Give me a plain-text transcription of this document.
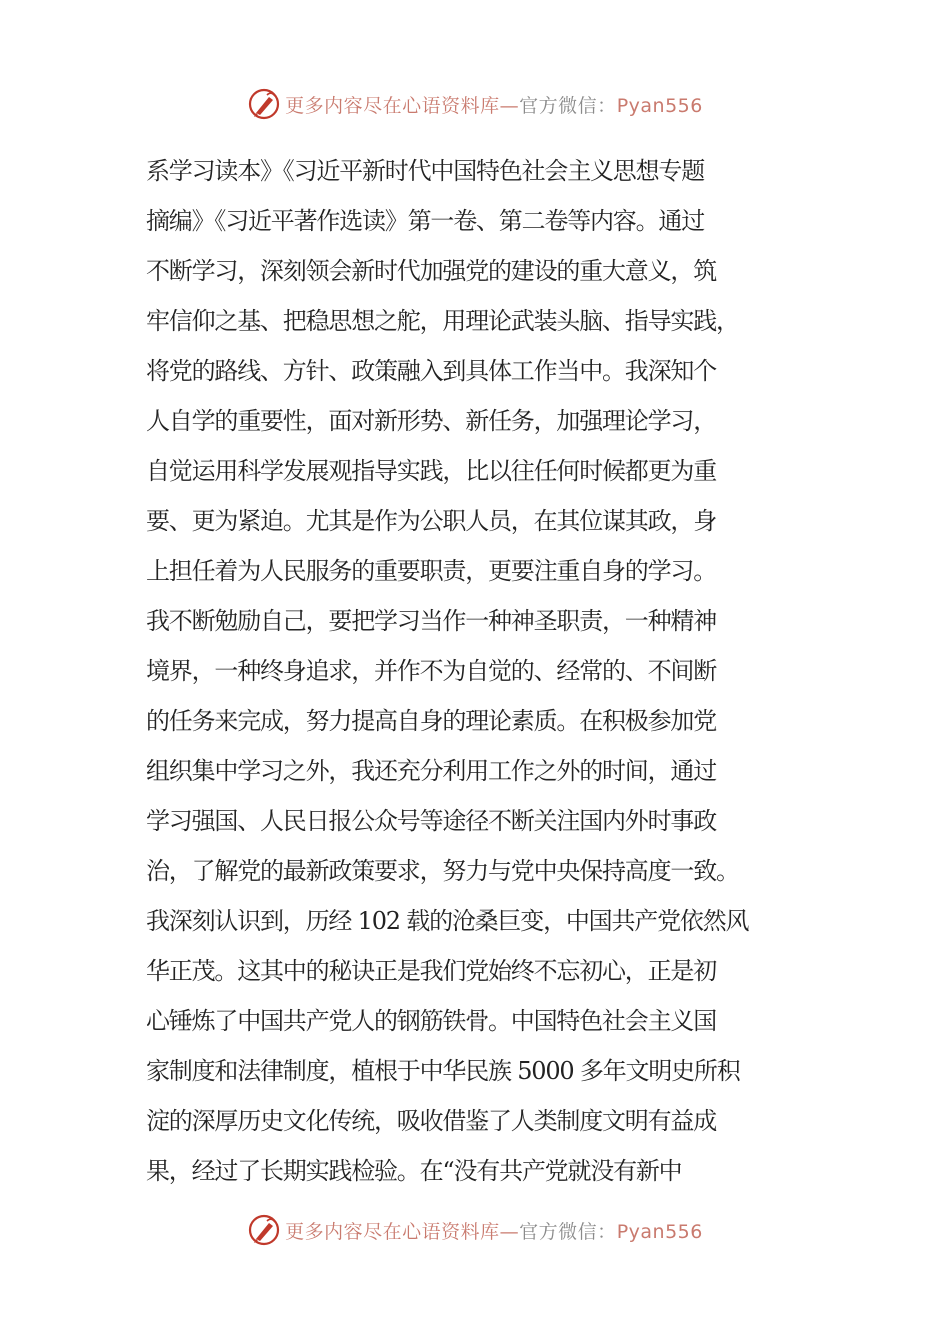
更多内容尽在心语资料库—官方微信：Pyan556
系学习读本》《习近平新时代中国特色社会主义思想专题
摘编》《习近平著作选读》第一卷、第二卷等内容。通过
不断学习，深刻领会新时代加强党的建设的重大意义，筑
牢信仰之基、把稳思想之舵，用理论武装头脑、指导实践，
将党的路线、方针、政策融入到具体工作当中。我深知个
人自学的重要性，面对新形势、新任务，加强理论学习，
自觉运用科学发展观指导实践，比以往任何时候都更为重
要、更为紧迫。尤其是作为公职人员，在其位谋其政，身
上担任着为人民服务的重要职责，更要注重自身的学习。
我不断勉励自己，要把学习当作一种神圣职责，一种精神
境界，一种终身追求，并作不为自觉的、经常的、不间断
的任务来完成，努力提高自身的理论素质。在积极参加党
组织集中学习之外，我还充分利用工作之外的时间，通过
学习强国、人民日报公众号等途径不断关注国内外时事政
治，了解党的最新政策要求，努力与党中央保持高度一致。
我深刻认识到，历经 102 载的沧桑巨变，中国共产党依然风
华正茂。这其中的秘诀正是我们党始终不忘初心，正是初
心锤炼了中国共产党人的钢筋铁骨。中国特色社会主义国
家制度和法律制度，植根于中华民族 5000 多年文明史所积
淀的深厚历史文化传统，吸收借鉴了人类制度文明有益成
果，经过了长期实践检验。在“没有共产党就没有新中
更多内容尽在心语资料库—官方微信：Pyan556
